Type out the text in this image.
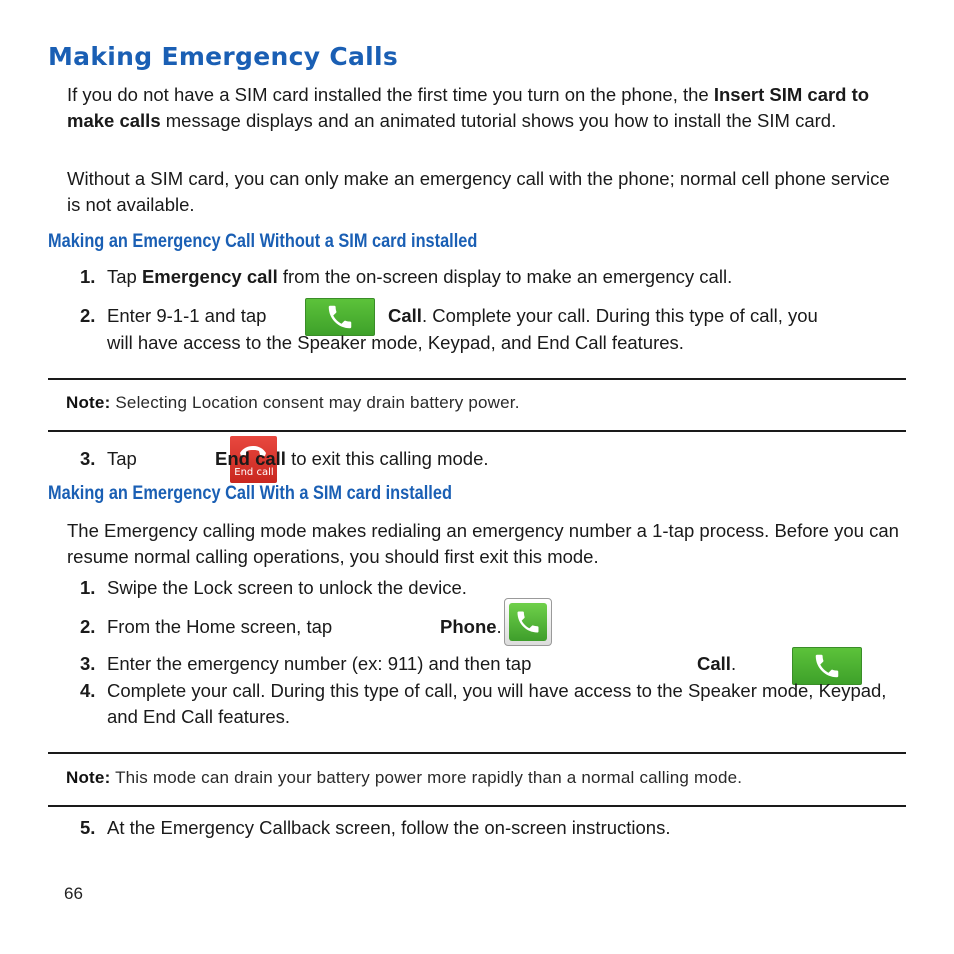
Making Emergency Calls
If you do not have a SIM card installed the first time you turn on the phone, the Insert SIM card to make calls message displays and an animated tutorial shows you how to install the SIM card.
Without a SIM card, you can only make an emergency call with the phone; normal cell phone service is not available.
Making an Emergency Call Without a SIM card installed
1. Tap Emergency call from the on-screen display to make an emergency call.
2. Enter 9-1-1 and tap
	Call. Complete your call. During this type of call, you
will have access to the Speaker mode, Keypad, and End Call features.
Note: Selecting Location consent may drain battery power.
3. Tap
End call

End call to exit this calling mode.
Making an Emergency Call With a SIM card installed
The Emergency calling mode makes redialing an emergency number a 1-tap process. Before you can resume normal calling operations, you should first exit this mode.
1. Swipe the Lock screen to unlock the device.
2. From the Home screen, tap
	Phone.
3. Enter the emergency number (ex: 911) and then tap	Call.
4. Complete your call. During this type of call, you will have access to the Speaker mode, Keypad, and End Call features.
Note: This mode can drain your battery power more rapidly than a normal calling mode.
5. At the Emergency Callback screen, follow the on-screen instructions.
66
